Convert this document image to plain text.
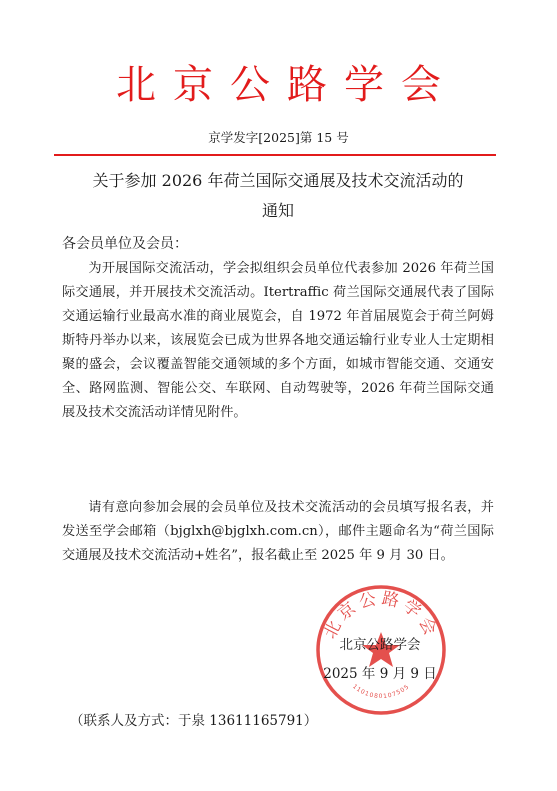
北京公路学会
京学发字[2025]第 15 号
关于参加 2026 年荷兰国际交通展及技术交流活动的
通知
各会员单位及会员：
为开展国际交流活动，学会拟组织会员单位代表参加 2026 年荷兰国际交通展，并开展技术交流活动。Itertraffic 荷兰国际交通展代表了国际交通运输行业最高水准的商业展览会，自 1972 年首届展览会于荷兰阿姆斯特丹举办以来，该展览会已成为世界各地交通运输行业专业人士定期相聚的盛会，会议覆盖智能交通领域的多个方面，如城市智能交通、交通安全、路网监测、智能公交、车联网、自动驾驶等，2026 年荷兰国际交通展及技术交流活动详情见附件。
请有意向参加会展的会员单位及技术交流活动的会员填写报名表，并发送至学会邮箱（bjglxh@bjglxh.com.cn），邮件主题命名为“荷兰国际交通展及技术交流活动+姓名”，报名截止至 2025 年 9 月 30 日。
北京公路学会
1101080107505
北京公路学会
2025 年 9 月 9 日
（联系人及方式：于泉 13611165791）
